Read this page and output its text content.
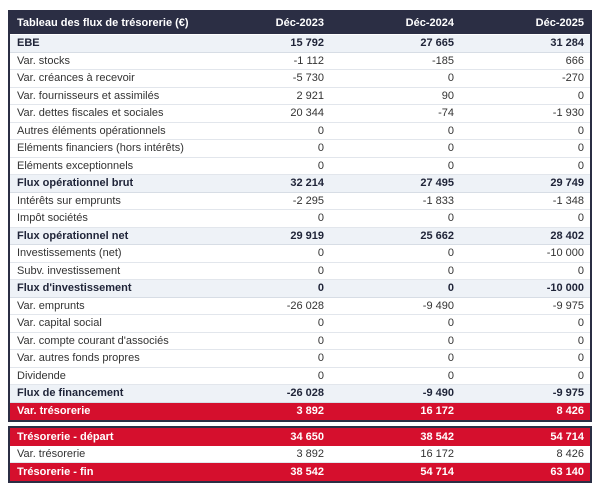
Tableau des flux de trésorerie (€)	Déc-2023	Déc-2024	Déc-2025
EBE	15 792	27 665	31 284
Var. stocks	-1 112	-185	666
Var. créances à recevoir	-5 730	0	-270
Var. fournisseurs et assimilés	2 921	90	0
Var. dettes fiscales et sociales	20 344	-74	-1 930
Autres éléments opérationnels	0	0	0
Eléments financiers (hors intérêts)	0	0	0
Eléments exceptionnels	0	0	0
Flux opérationnel brut	32 214	27 495	29 749
Intérêts sur emprunts	-2 295	-1 833	-1 348
Impôt sociétés	0	0	0
Flux opérationnel net	29 919	25 662	28 402
Investissements (net)	0	0	-10 000
Subv. investissement	0	0	0
Flux d'investissement	0	0	-10 000
Var. emprunts	-26 028	-9 490	-9 975
Var. capital social	0	0	0
Var. compte courant d'associés	0	0	0
Var. autres fonds propres	0	0	0
Dividende	0	0	0
Flux de financement	-26 028	-9 490	-9 975
Var. trésorerie	3 892	16 172	8 426
Trésorerie - départ	34 650	38 542	54 714
Var. trésorerie	3 892	16 172	8 426
Trésorerie - fin	38 542	54 714	63 140
